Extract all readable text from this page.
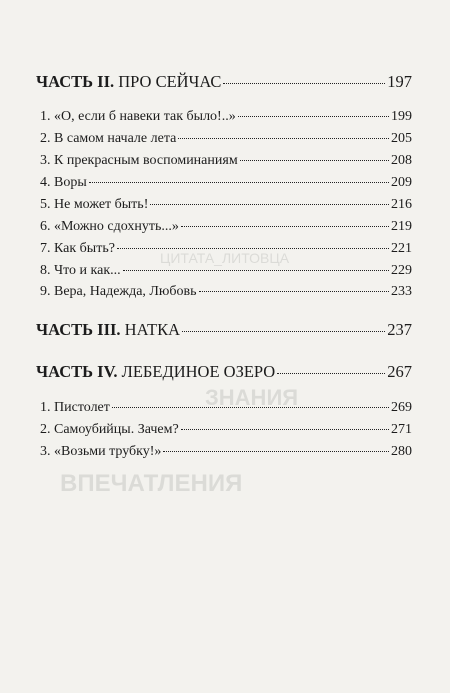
ЦИТАТА_ЛИТОВЦА
ЗНАНИЯ
ВПЕЧАТЛЕНИЯ
ЧАСТЬ II. ПРО СЕЙЧАС	197
1. «О, если б навеки так было!..»	199
2. В самом начале лета	205
3. К прекрасным воспоминаниям	208
4. Воры	209
5. Не может быть!	216
6. «Можно сдохнуть...»	219
7. Как быть?	221
8. Что и как...	229
9. Вера, Надежда, Любовь	233
ЧАСТЬ III. НАТКА	237
ЧАСТЬ IV. ЛЕБЕДИНОЕ ОЗЕРО	267
1. Пистолет	269
2. Самоубийцы. Зачем?	271
3. «Возьми трубку!»	280
